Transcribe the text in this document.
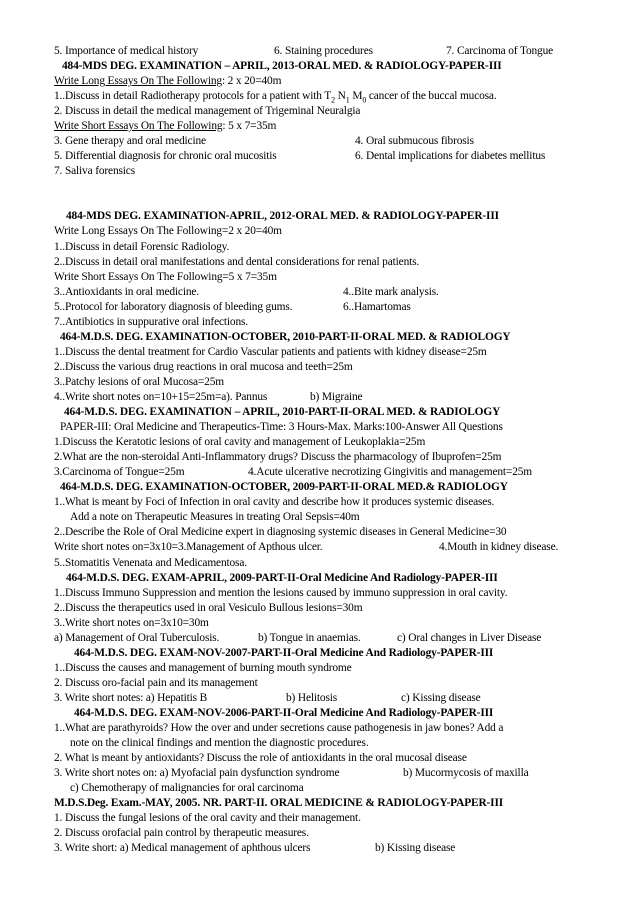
5. Importance of medical history	6. Staining procedures	7. Carcinoma of Tongue
484-MDS DEG. EXAMINATION – APRIL, 2013-ORAL MED. & RADIOLOGY-PAPER-III
Write Long Essays On The Following: 2 x 20=40m
1..Discuss in detail Radiotherapy protocols for a patient with $T_2$ $N_1$ $M_0$ cancer of the buccal mucosa.
2. Discuss in detail the medical management of Trigeminal Neuralgia
Write Short Essays On The Following: 5 x 7=35m
3. Gene therapy and oral medicine	4. Oral submucous fibrosis
5. Differential diagnosis for chronic oral mucositis	6. Dental implications for diabetes mellitus
7. Saliva forensics
484-MDS DEG. EXAMINATION-APRIL, 2012-ORAL MED. & RADIOLOGY-PAPER-III
Write Long Essays On The Following=2 x 20=40m
1..Discuss in detail Forensic Radiology.
2..Discuss in detail oral manifestations and dental considerations for renal patients.
Write Short Essays On The Following=5 x 7=35m
3..Antioxidants in oral medicine.	4..Bite mark analysis.
5..Protocol for laboratory diagnosis of bleeding gums.	6..Hamartomas
7..Antibiotics in suppurative oral infections.
464-M.D.S. DEG. EXAMINATION-OCTOBER, 2010-PART-II-ORAL MED. & RADIOLOGY
1..Discuss the dental treatment for Cardio Vascular patients and patients with kidney disease=25m
2..Discuss the various drug reactions in oral mucosa and teeth=25m
3..Patchy lesions of oral Mucosa=25m
4..Write short notes on=10+15=25m=a). Pannus	b) Migraine
464-M.D.S. DEG. EXAMINATION – APRIL, 2010-PART-II-ORAL MED. & RADIOLOGY
PAPER-III: Oral Medicine and Therapeutics-Time: 3 Hours-Max. Marks:100-Answer All Questions
1.Discuss the Keratotic lesions of oral cavity and management of Leukoplakia=25m
2.What are the non-steroidal Anti-Inflammatory drugs? Discuss the pharmacology of Ibuprofen=25m
3.Carcinoma of Tongue=25m	4.Acute ulcerative necrotizing Gingivitis and management=25m
464-M.D.S. DEG. EXAMINATION-OCTOBER, 2009-PART-II-ORAL MED.& RADIOLOGY
1..What is meant by Foci of Infection in oral cavity and describe how it produces systemic diseases.
Add a note on Therapeutic Measures in treating Oral Sepsis=40m
2..Describe the Role of Oral Medicine expert in diagnosing systemic diseases in General Medicine=30
Write short notes on=3x10=3.Management of Apthous ulcer.	4.Mouth in kidney disease.
5..Stomatitis Venenata and Medicamentosa.
464-M.D.S. DEG. EXAM-APRIL, 2009-PART-II-Oral Medicine And Radiology-PAPER-III
1..Discuss Immuno Suppression and mention the lesions caused by immuno suppression in oral cavity.
2..Discuss the therapeutics used in oral Vesiculo Bullous lesions=30m
3..Write short notes on=3x10=30m
a) Management of Oral Tuberculosis.	b) Tongue in anaemias.	c) Oral changes in Liver Disease
464-M.D.S. DEG. EXAM-NOV-2007-PART-II-Oral Medicine And Radiology-PAPER-III
1..Discuss the causes and management of burning mouth syndrome
2. Discuss oro-facial pain and its management
3. Write short notes: a) Hepatitis B	b) Helitosis	c) Kissing disease
464-M.D.S. DEG. EXAM-NOV-2006-PART-II-Oral Medicine And Radiology-PAPER-III
1..What are parathyroids? How the over and under secretions cause pathogenesis in jaw bones? Add a
note on the clinical findings and mention the diagnostic procedures.
2. What is meant by antioxidants? Discuss the role of antioxidants in the oral mucosal disease
3. Write short notes on: a) Myofacial pain dysfunction syndrome	b) Mucormycosis of maxilla
c) Chemotherapy of malignancies for oral carcinoma
M.D.S.Deg. Exam.-MAY, 2005. NR. PART-II. ORAL MEDICINE & RADIOLOGY-PAPER-III
1. Discuss the fungal lesions of the oral cavity and their management.
2. Discuss orofacial pain control by therapeutic measures.
3. Write short: a) Medical management of aphthous ulcers	b) Kissing disease
